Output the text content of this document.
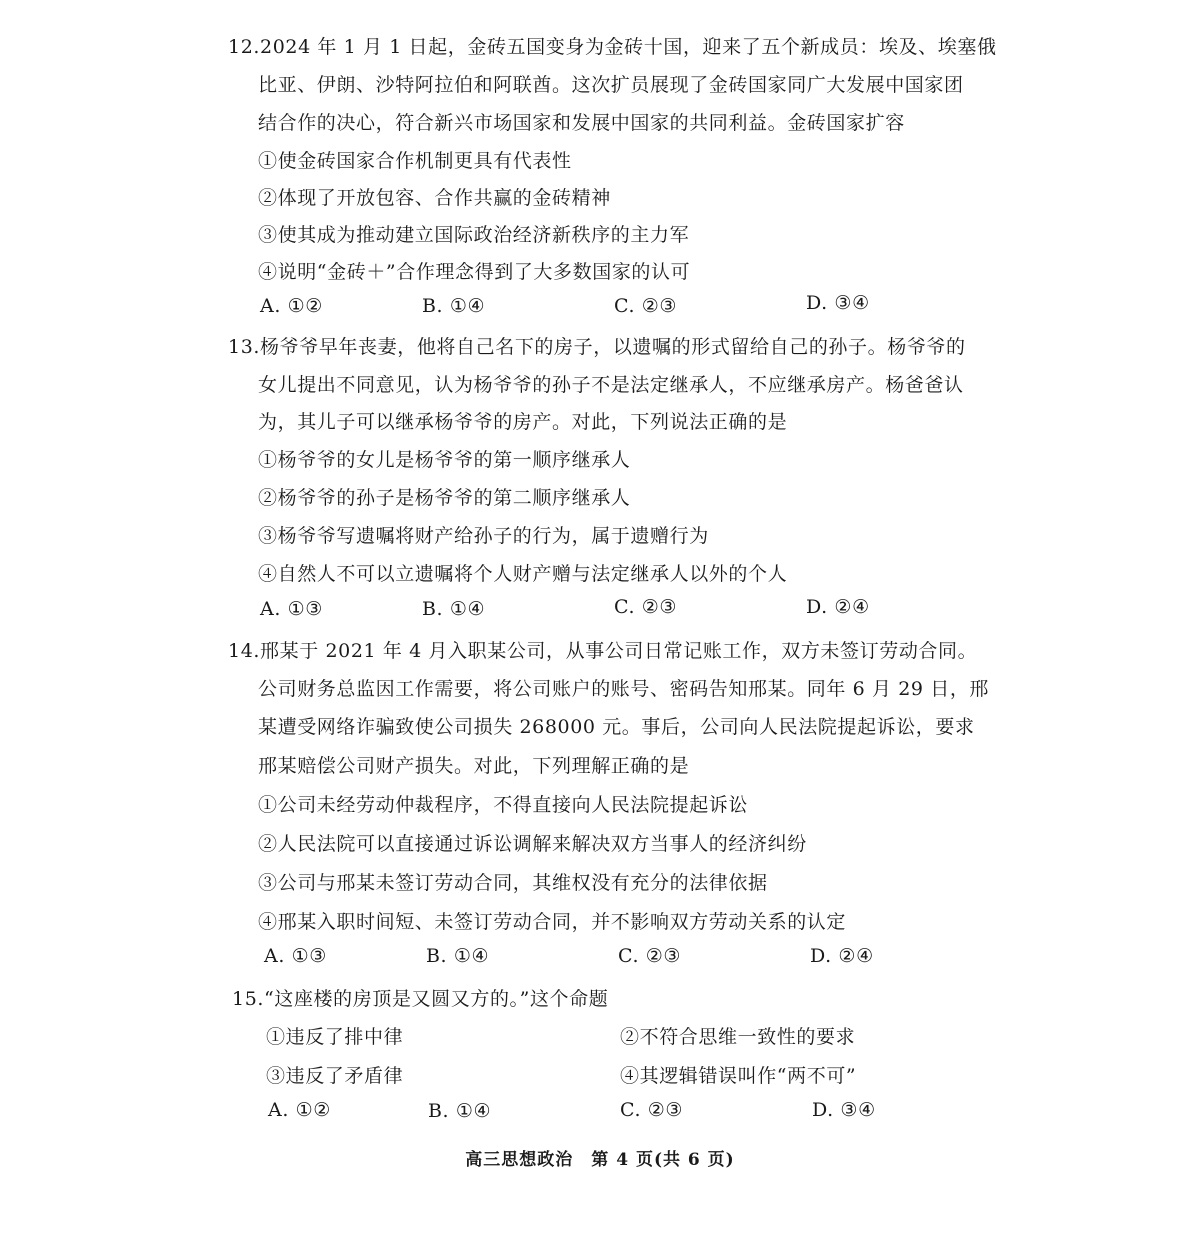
12.2024 年 1 月 1 日起，金砖五国变身为金砖十国，迎来了五个新成员：埃及、埃塞俄
比亚、伊朗、沙特阿拉伯和阿联酋。这次扩员展现了金砖国家同广大发展中国家团
结合作的决心，符合新兴市场国家和发展中国家的共同利益。金砖国家扩容
①使金砖国家合作机制更具有代表性
②体现了开放包容、合作共赢的金砖精神
③使其成为推动建立国际政治经济新秩序的主力军
④说明“金砖＋”合作理念得到了大多数国家的认可
A. ①②	B. ①④	C. ②③	D. ③④
13.杨爷爷早年丧妻，他将自己名下的房子，以遗嘱的形式留给自己的孙子。杨爷爷的
女儿提出不同意见，认为杨爷爷的孙子不是法定继承人，不应继承房产。杨爸爸认
为，其儿子可以继承杨爷爷的房产。对此，下列说法正确的是
①杨爷爷的女儿是杨爷爷的第一顺序继承人
②杨爷爷的孙子是杨爷爷的第二顺序继承人
③杨爷爷写遗嘱将财产给孙子的行为，属于遗赠行为
④自然人不可以立遗嘱将个人财产赠与法定继承人以外的个人
A. ①③	B. ①④	C. ②③	D. ②④
14.邢某于 2021 年 4 月入职某公司，从事公司日常记账工作，双方未签订劳动合同。
公司财务总监因工作需要，将公司账户的账号、密码告知邢某。同年 6 月 29 日，邢
某遭受网络诈骗致使公司损失 268000 元。事后，公司向人民法院提起诉讼，要求
邢某赔偿公司财产损失。对此，下列理解正确的是
①公司未经劳动仲裁程序，不得直接向人民法院提起诉讼
②人民法院可以直接通过诉讼调解来解决双方当事人的经济纠纷
③公司与邢某未签订劳动合同，其维权没有充分的法律依据
④邢某入职时间短、未签订劳动合同，并不影响双方劳动关系的认定
A. ①③	B. ①④	C. ②③	D. ②④
15.“这座楼的房顶是又圆又方的。”这个命题
①违反了排中律	②不符合思维一致性的要求
③违反了矛盾律	④其逻辑错误叫作“两不可”
A. ①②	B. ①④	C. ②③	D. ③④
高三思想政治　第 4 页(共 6 页)
